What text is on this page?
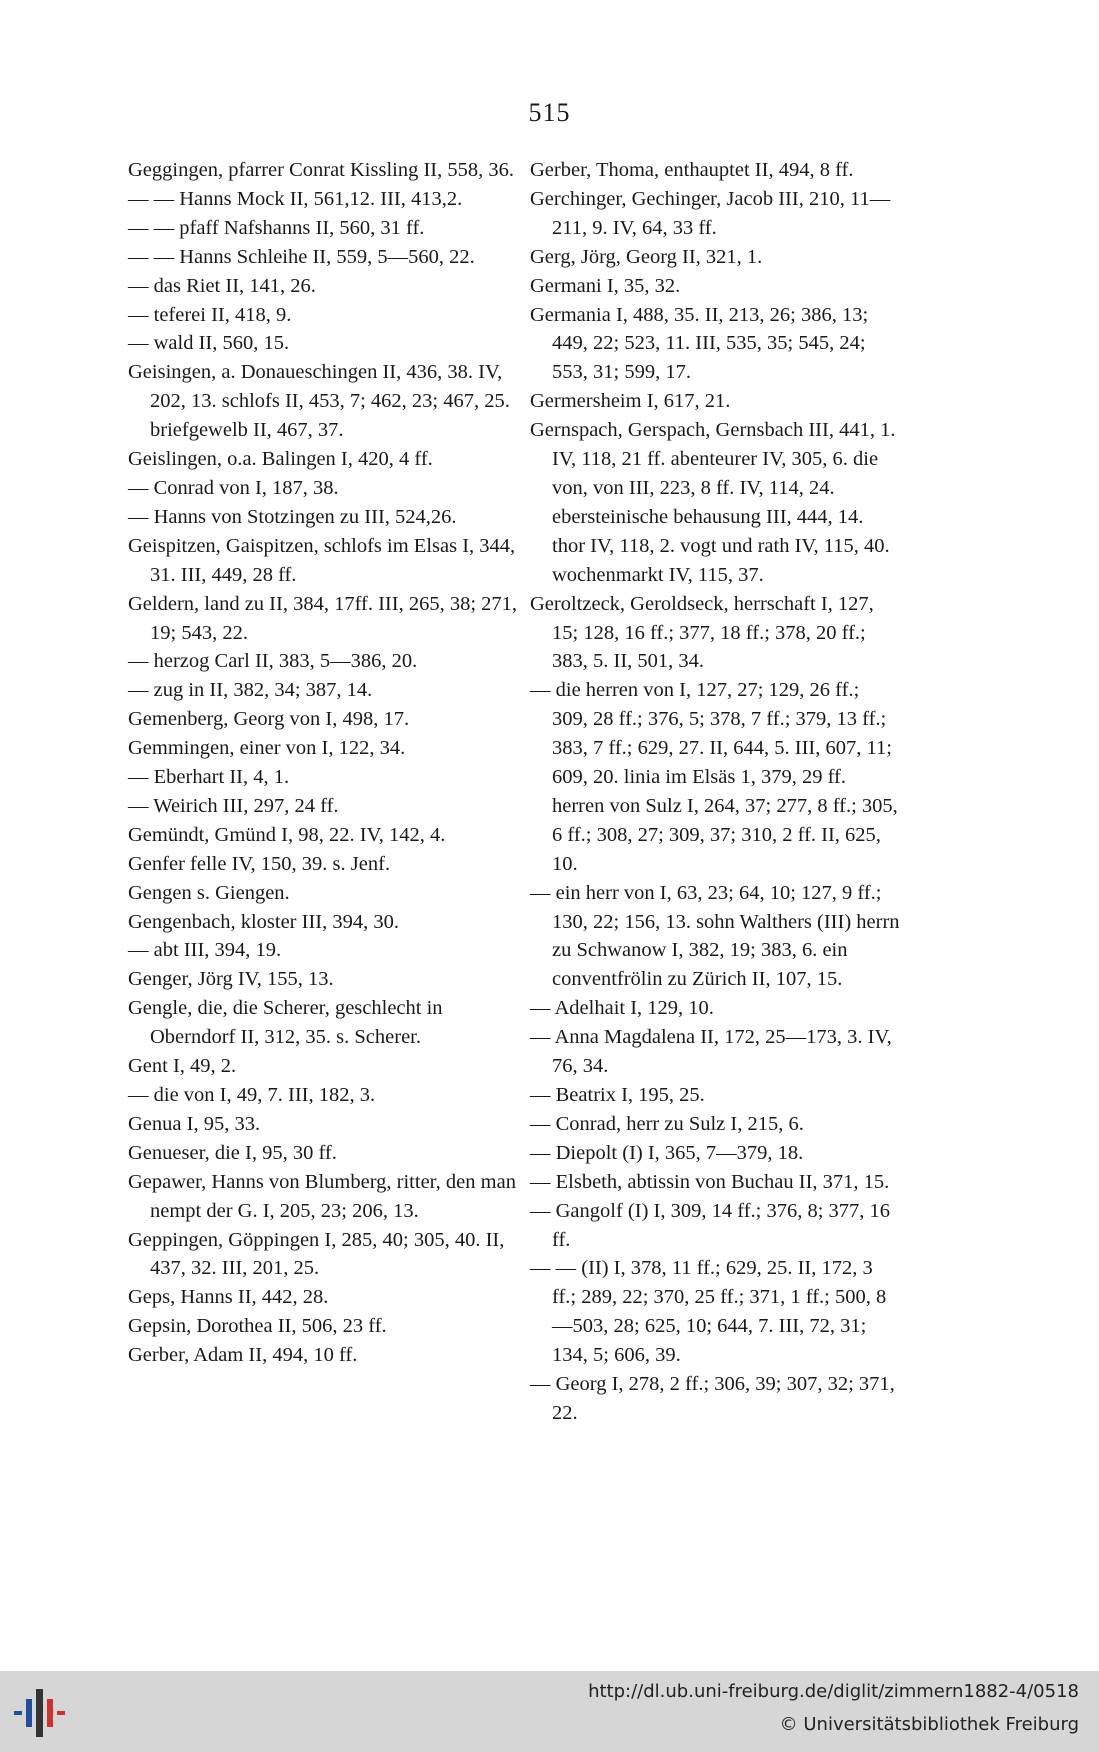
515
Geggingen, pfarrer Conrat Kissling II, 558, 36.
— — Hanns Mock II, 561,12. III, 413,2.
— — pfaff Nafshanns II, 560, 31 ff.
— — Hanns Schleihe II, 559, 5—560, 22.
— das Riet II, 141, 26.
— teferei II, 418, 9.
— wald II, 560, 15.
Geisingen, a. Donaueschingen II, 436, 38. IV, 202, 13. schlofs II, 453, 7; 462, 23; 467, 25. briefgewelb II, 467, 37.
Geislingen, o.a. Balingen I, 420, 4 ff.
— Conrad von I, 187, 38.
— Hanns von Stotzingen zu III, 524,26.
Geispitzen, Gaispitzen, schlofs im Elsas I, 344, 31. III, 449, 28 ff.
Geldern, land zu II, 384, 17ff. III, 265, 38; 271, 19; 543, 22.
— herzog Carl II, 383, 5—386, 20.
— zug in II, 382, 34; 387, 14.
Gemenberg, Georg von I, 498, 17.
Gemmingen, einer von I, 122, 34.
— Eberhart II, 4, 1.
— Weirich III, 297, 24 ff.
Gemündt, Gmünd I, 98, 22. IV, 142, 4.
Genfer felle IV, 150, 39. s. Jenf.
Gengen s. Giengen.
Gengenbach, kloster III, 394, 30.
— abt III, 394, 19.
Genger, Jörg IV, 155, 13.
Gengle, die, die Scherer, geschlecht in Oberndorf II, 312, 35. s. Scherer.
Gent I, 49, 2.
— die von I, 49, 7. III, 182, 3.
Genua I, 95, 33.
Genueser, die I, 95, 30 ff.
Gepawer, Hanns von Blumberg, ritter, den man nempt der G. I, 205, 23; 206, 13.
Geppingen, Göppingen I, 285, 40; 305, 40. II, 437, 32. III, 201, 25.
Geps, Hanns II, 442, 28.
Gepsin, Dorothea II, 506, 23 ff.
Gerber, Adam II, 494, 10 ff.
Gerber, Thoma, enthauptet II, 494, 8 ff.
Gerchinger, Gechinger, Jacob III, 210, 11—211, 9. IV, 64, 33 ff.
Gerg, Jörg, Georg II, 321, 1.
Germani I, 35, 32.
Germania I, 488, 35. II, 213, 26; 386, 13; 449, 22; 523, 11. III, 535, 35; 545, 24; 553, 31; 599, 17.
Germersheim I, 617, 21.
Gernspach, Gerspach, Gernsbach III, 441, 1. IV, 118, 21 ff. abenteurer IV, 305, 6. die von, von III, 223, 8 ff. IV, 114, 24. ebersteinische behausung III, 444, 14. thor IV, 118, 2. vogt und rath IV, 115, 40. wochenmarkt IV, 115, 37.
Geroltzeck, Geroldseck, herrschaft I, 127, 15; 128, 16 ff.; 377, 18 ff.; 378, 20 ff.; 383, 5. II, 501, 34.
— die herren von I, 127, 27; 129, 26 ff.; 309, 28 ff.; 376, 5; 378, 7 ff.; 379, 13 ff.; 383, 7 ff.; 629, 27. II, 644, 5. III, 607, 11; 609, 20. linia im Elsäs 1, 379, 29 ff. herren von Sulz I, 264, 37; 277, 8 ff.; 305, 6 ff.; 308, 27; 309, 37; 310, 2 ff. II, 625, 10.
— ein herr von I, 63, 23; 64, 10; 127, 9 ff.; 130, 22; 156, 13. sohn Walthers (III) herrn zu Schwanow I, 382, 19; 383, 6. ein conventfrölin zu Zürich II, 107, 15.
— Adelhait I, 129, 10.
— Anna Magdalena II, 172, 25—173, 3. IV, 76, 34.
— Beatrix I, 195, 25.
— Conrad, herr zu Sulz I, 215, 6.
— Diepolt (I) I, 365, 7—379, 18.
— Elsbeth, abtissin von Buchau II, 371, 15.
— Gangolf (I) I, 309, 14 ff.; 376, 8; 377, 16 ff.
— — (II) I, 378, 11 ff.; 629, 25. II, 172, 3 ff.; 289, 22; 370, 25 ff.; 371, 1 ff.; 500, 8—503, 28; 625, 10; 644, 7. III, 72, 31; 134, 5; 606, 39.
— Georg I, 278, 2 ff.; 306, 39; 307, 32; 371, 22.
http://dl.ub.uni-freiburg.de/diglit/zimmern1882-4/0518
© Universitätsbibliothek Freiburg
